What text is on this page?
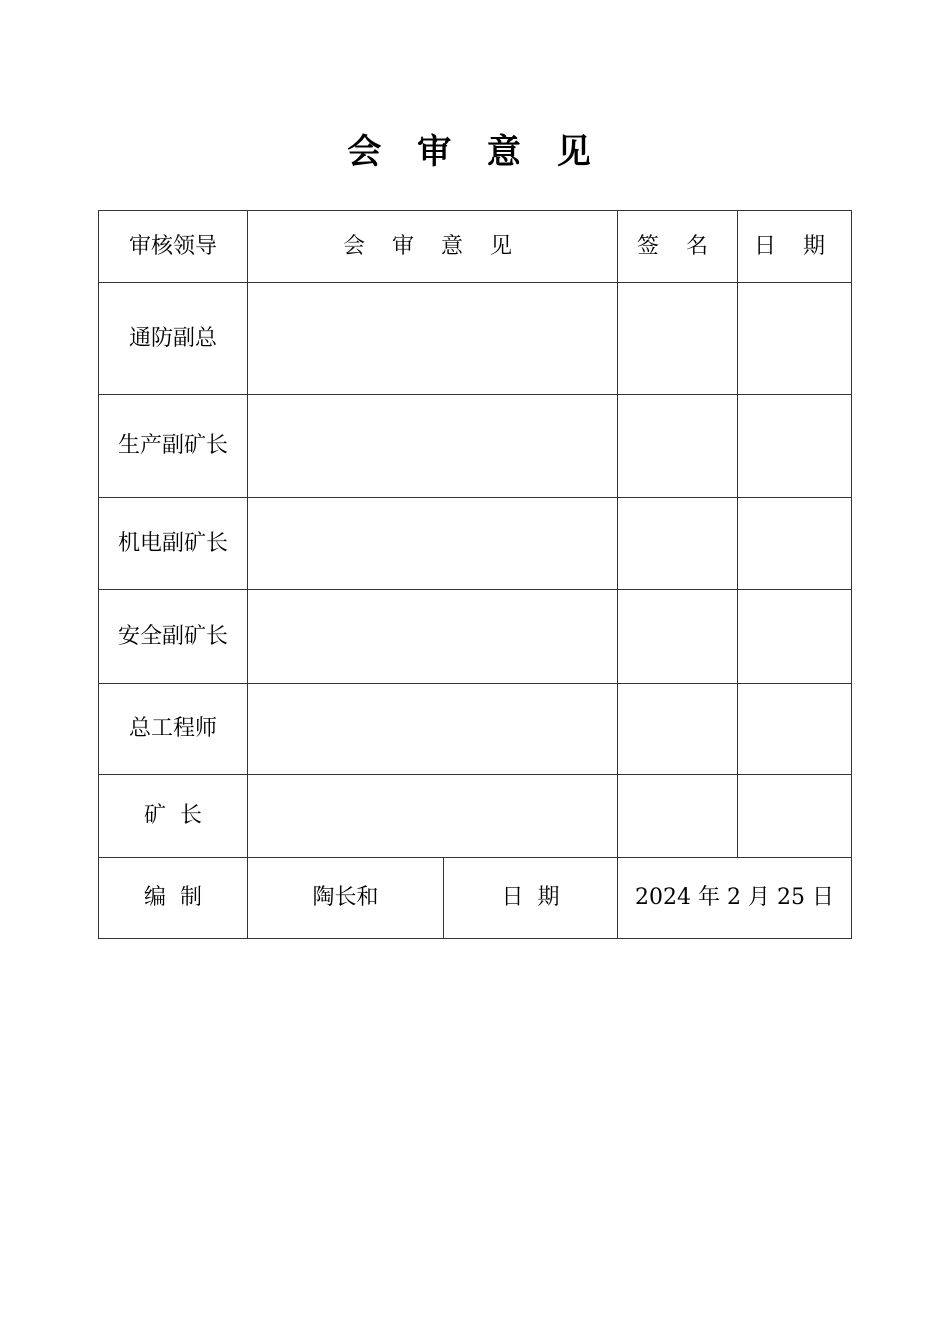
会 审 意 见
审核领导	会 审 意 见		签 名	日 期
通防副总				
生产副矿长				
机电副矿长				
安全副矿长				
总工程师				
矿  长				
编  制	陶长和	日  期	2024 年 2 月 25 日	
